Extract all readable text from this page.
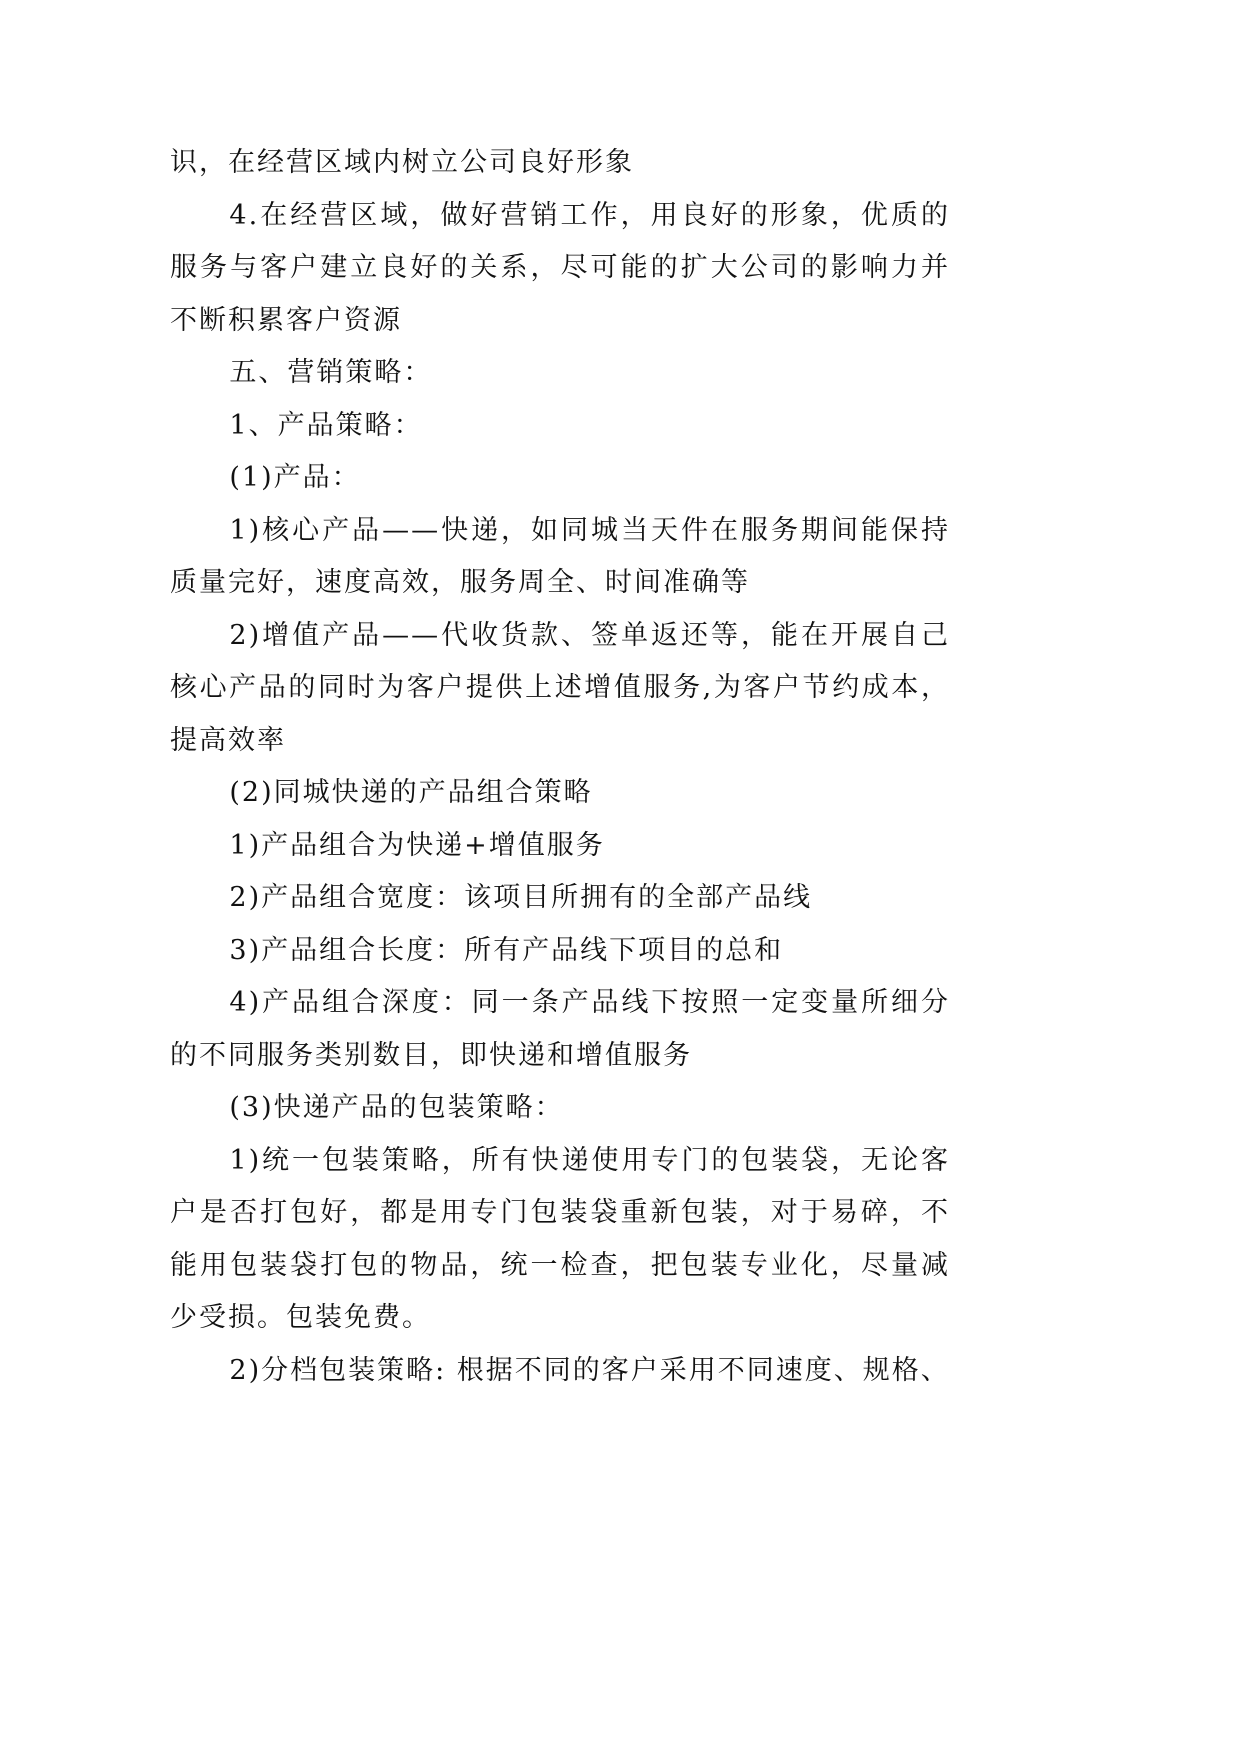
识，在经营区域内树立公司良好形象

4.在经营区域，做好营销工作，用良好的形象，优质的服务与客户建立良好的关系，尽可能的扩大公司的影响力并不断积累客户资源

五、营销策略：

1、产品策略：

(1)产品：

1)核心产品——快递，如同城当天件在服务期间能保持质量完好，速度高效，服务周全、时间准确等

2)增值产品——代收货款、签单返还等，能在开展自己核心产品的同时为客户提供上述增值服务,为客户节约成本，提高效率

(2)同城快递的产品组合策略

1)产品组合为快递+增值服务

2)产品组合宽度：该项目所拥有的全部产品线

3)产品组合长度：所有产品线下项目的总和

4)产品组合深度：同一条产品线下按照一定变量所细分的不同服务类别数目，即快递和增值服务

(3)快递产品的包装策略：

1)统一包装策略，所有快递使用专门的包装袋，无论客户是否打包好，都是用专门包装袋重新包装，对于易碎，不能用包装袋打包的物品，统一检查，把包装专业化，尽量减少受损。包装免费。

2)分档包装策略: 根据不同的客户采用不同速度、规格、
